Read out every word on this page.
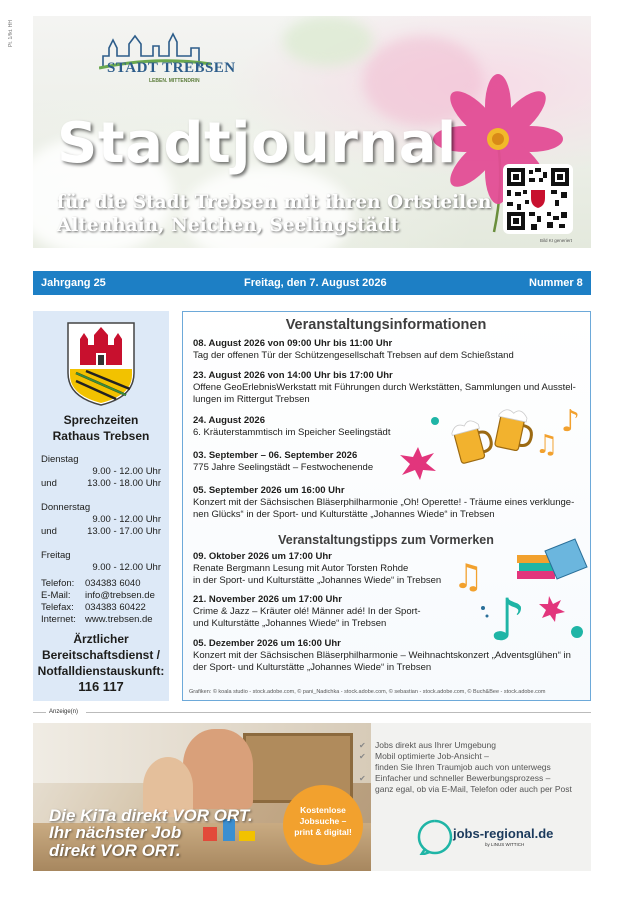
Pt. 1/fkt. HH
STADT TREBSEN
LEBEN. MITTENDRIN
Stadtjournal
für die Stadt Trebsen mit ihren Ortsteilen
Altenhain, Neichen, Seelingstädt
Bild KI generiert
Jahrgang 25	Freitag, den 7. August 2026	Nummer 8
Sprechzeiten
Rathaus Trebsen
Dienstag
9.00 - 12.00 Uhr
und	13.00 - 18.00 Uhr
Donnerstag
9.00 - 12.00 Uhr
und	13.00 - 17.00 Uhr
Freitag
9.00 - 12.00 Uhr
Telefon: 034383 6040
E-Mail: info@trebsen.de
Telefax: 034383 60422
Internet: www.trebsen.de
Ärztlicher
Bereitschaftsdienst /
Notfalldienstauskunft:
116 117
♫
♪
♫
♪
Veranstaltungsinformationen
08. August 2026 von 09:00 Uhr bis 11:00 Uhr
Tag der offenen Tür der Schützengesellschaft Trebsen auf dem Schießstand
23. August 2026 von 14:00 Uhr bis 17:00 Uhr
Offene GeoErlebnisWerkstatt mit Führungen durch Werkstätten, Sammlungen und Ausstel-
lungen im Rittergut Trebsen
24. August 2026
6. Kräuterstammtisch im Speicher Seelingstädt
03. September – 06. September 2026
775 Jahre Seelingstädt – Festwochenende
05. September 2026 um 16:00 Uhr
Konzert mit der Sächsischen Bläserphilharmonie „Oh! Operette! - Träume eines verklunge-
nen Glücks“ in der Sport- und Kulturstätte „Johannes Wiede“ in Trebsen
Veranstaltungstipps zum Vormerken
09. Oktober 2026 um 17:00 Uhr
Renate Bergmann Lesung mit Autor Torsten Rohde
in der Sport- und Kulturstätte „Johannes Wiede“ in Trebsen
21. November 2026 um 17:00 Uhr
Crime & Jazz – Kräuter olé! Männer adé! In der Sport-
und Kulturstätte „Johannes Wiede“ in Trebsen
05. Dezember 2026 um 16:00 Uhr
Konzert mit der Sächsischen Bläserphilharmonie – Weihnachtskonzert „Adventsglühen“ in
der Sport- und Kulturstätte „Johannes Wiede“ in Trebsen
Grafiken: © koala studio - stock.adobe.com, © pani_Nadichka - stock.adobe.com, © sebastian - stock.adobe.com, © Buch&Bee - stock.adobe.com
Anzeige(n)
Die KiTa direkt VOR ORT.
Ihr nächster Job
direkt VOR ORT.
Kostenlose
Jobsuche –
print & digital!
✔ Jobs direkt aus Ihrer Umgebung
✔ Mobil optimierte Job-Ansicht –
finden Sie Ihren Traumjob auch von unterwegs
✔ Einfacher und schneller Bewerbungsprozess –
ganz egal, ob via E-Mail, Telefon oder auch per Post
jobs-regional.de
by LINUS WITTICH
